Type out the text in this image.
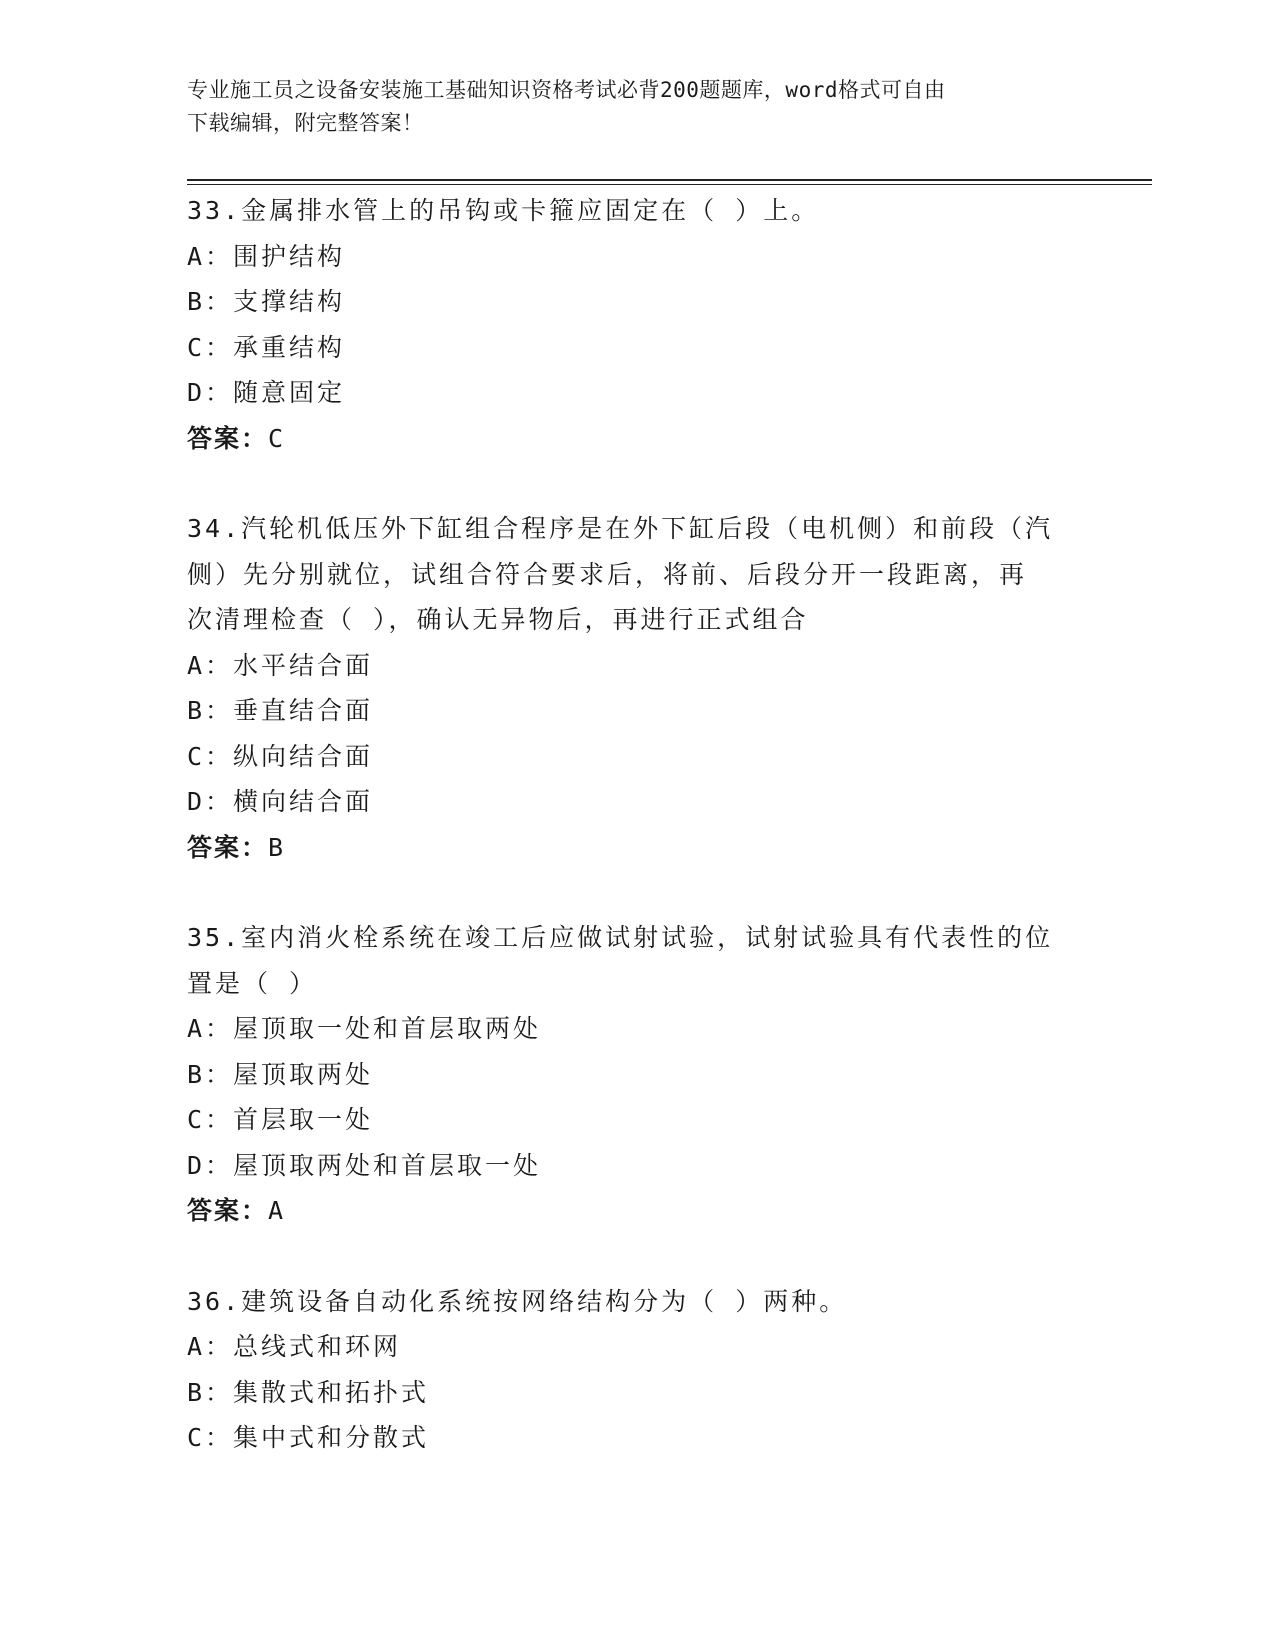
专业施工员之设备安装施工基础知识资格考试必背200题题库，word格式可自由
下载编辑，附完整答案！
33.金属排水管上的吊钩或卡箍应固定在（ ）上。
A：围护结构
B：支撑结构
C：承重结构
D：随意固定
答案：C
34.汽轮机低压外下缸组合程序是在外下缸后段（电机侧）和前段（汽
侧）先分别就位，试组合符合要求后，将前、后段分开一段距离，再
次清理检查（ ），确认无异物后，再进行正式组合
A：水平结合面
B：垂直结合面
C：纵向结合面
D：横向结合面
答案：B
35.室内消火栓系统在竣工后应做试射试验，试射试验具有代表性的位
置是（ ）
A：屋顶取一处和首层取两处
B：屋顶取两处
C：首层取一处
D：屋顶取两处和首层取一处
答案：A
36.建筑设备自动化系统按网络结构分为（ ）两种。
A：总线式和环网
B：集散式和拓扑式
C：集中式和分散式
